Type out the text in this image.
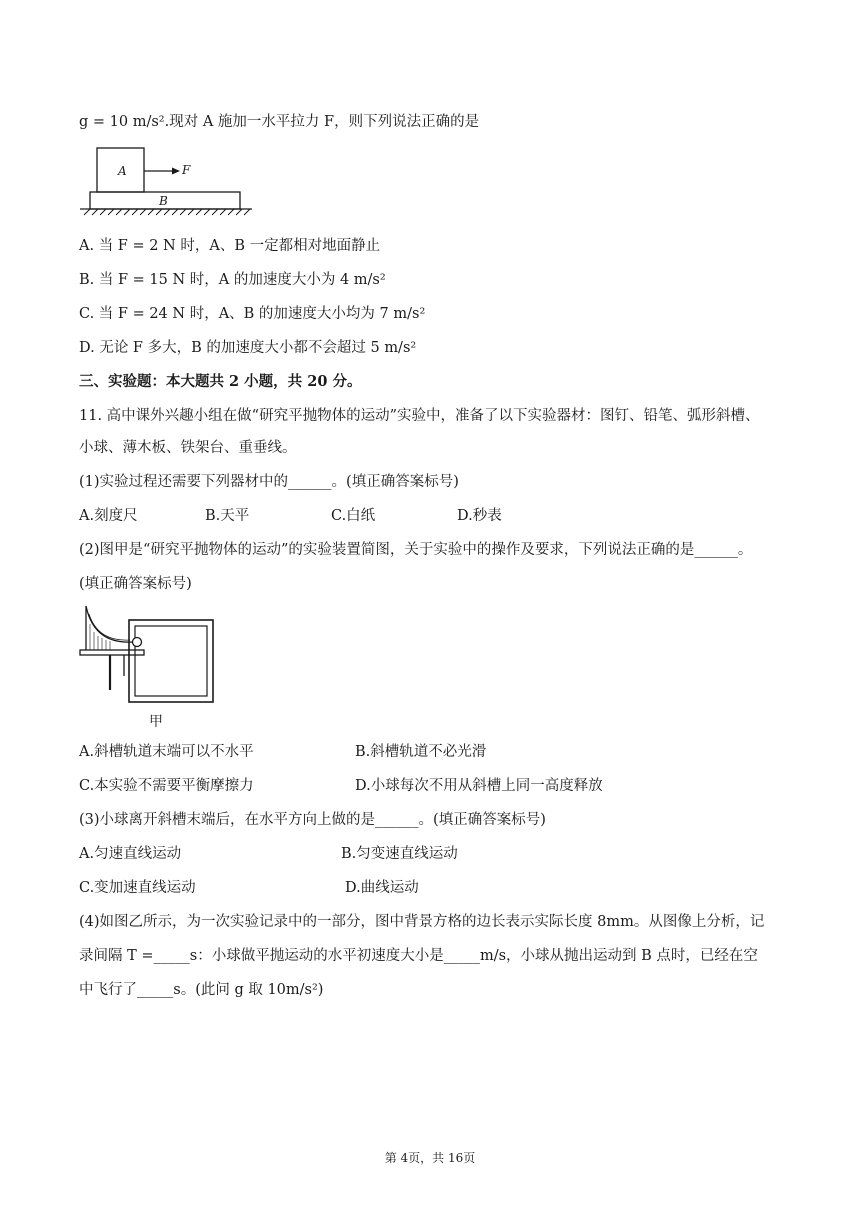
g = 10 m/s².现对 A 施加一水平拉力 F，则下列说法正确的是
A
B
F
A. 当 F = 2 N 时，A、B 一定都相对地面静止
B. 当 F = 15 N 时，A 的加速度大小为 4 m/s²
C. 当 F = 24 N 时，A、B 的加速度大小均为 7 m/s²
D. 无论 F 多大，B 的加速度大小都不会超过 5 m/s²
三、实验题：本大题共 2 小题，共 20 分。
11. 高中课外兴趣小组在做“研究平抛物体的运动”实验中，准备了以下实验器材：图钉、铅笔、弧形斜槽、
小球、薄木板、铁架台、重垂线。
(1)实验过程还需要下列器材中的______。(填正确答案标号)
A.刻度尺	B.天平	C.白纸	D.秒表
(2)图甲是“研究平抛物体的运动”的实验装置简图，关于实验中的操作及要求，下列说法正确的是______。
(填正确答案标号)
甲
A.斜槽轨道末端可以不水平	B.斜槽轨道不必光滑
C.本实验不需要平衡摩擦力	D.小球每次不用从斜槽上同一高度释放
(3)小球离开斜槽末端后，在水平方向上做的是______。(填正确答案标号)
A.匀速直线运动	B.匀变速直线运动
C.变加速直线运动	D.曲线运动
(4)如图乙所示，为一次实验记录中的一部分，图中背景方格的边长表示实际长度 8mm。从图像上分析，记
录间隔 T =_____s：小球做平抛运动的水平初速度大小是_____m/s，小球从抛出运动到 B 点时，已经在空
中飞行了_____s。(此问 g 取 10m/s²)
第 4页，共 16页
